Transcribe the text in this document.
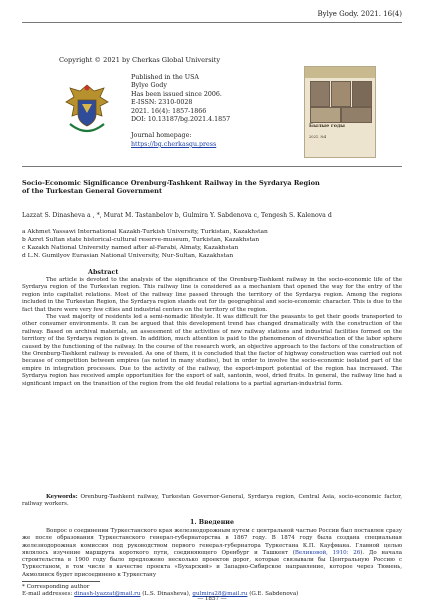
Bylye Gody. 2021. 16(4)
Copyright © 2021 by Cherkas Global University
Published in the USA
Bylye Gody
Has been issued since 2006.
E-ISSN: 2310-0028
2021. 16(4): 1857-1866
DOI: 10.13187/bg.2021.4.1857
Journal homepage:
https://bg.cherkasgu.press
Былые годы
2021. №4
Socio-Economic Significance Orenburg-Tashkent Railway in the Syrdarya Region
of the Turkestan General Government
Lazzat S. Dinasheva a , *, Murat M. Tastanbelov b, Gulmira Y. Sabdenova c, Tengesh S. Kalenova d
a Akhmet Yassawi International Kazakh-Turkish University, Turkistan, Kazakhstan
b Azret Sultan state historical-cultural reserve-museum, Turkistan, Kazakhstan
c Kazakh National University named after al-Farabi, Almaty, Kazakhstan
d L.N. Gumilyov Eurasian National University, Nur-Sultan, Kazakhstan
Abstract

The article is devoted to the analysis of the significance of the Orenburg-Tashkent railway in the socio-economic life of the Syrdarya region of the Turkestan region. This railway line is considered as a mechanism that opened the way for the entry of the region into capitalist relations. Most of the railway line passed through the territory of the Syrdarya region. Among the regions included in the Turkestan Region, the Syrdarya region stands out for its geographical and socio-economic character. This is due to the fact that there were very few cities and industrial centers on the territory of the region.

The vast majority of residents led a semi-nomadic lifestyle. It was difficult for the peasants to get their goods transported to other consumer environments. It can be argued that this development trend has changed dramatically with the construction of the railway. Based on archival materials, an assessment of the activities of new railway stations and industrial facilities formed on the territory of the Syrdarya region is given. In addition, much attention is paid to the phenomenon of diversification of the labor sphere caused by the functioning of the railway. In the course of the research work, an objective approach to the factors of the construction of the Orenburg-Tashkent railway is revealed. As one of them, it is concluded that the factor of highway construction was carried out not because of competition between empires (as noted in many studies), but in order to involve the socio-economic isolated part of the empire in integration processes. Due to the activity of the railway, the export-import potential of the region has increased. The Syrdarya region has received ample opportunities for the export of salt, santonin, wool, dried fruits. In general, the railway line had a significant impact on the transition of the region from the old feudal relations to a partial agrarian-industrial form.

Keywords: Orenburg-Tashkent railway, Turkestan Governor-General, Syrdarya region, Central Asia, socio-economic factor, railway workers.
1. Введение
Вопрос о соединении Туркестанского края железнодорожным путем с центральной частью России был поставлен сразу же после образования Туркестанского генерал-губернаторства в 1867 году. В 1874 году была создана специальная железнодорожная комиссия под руководством первого генерал-губернатора Туркестана К.П. Кауфмана. Главной целью являлось изучение маршрута короткого пути, соединяющего Оренбург и Ташкент (Великовой, 1910: 26). До начала строительства в 1900 году было предложено несколько проектов дорог, которые связывали бы Центральную Россию с Туркестаном, в том числе в качестве проекта «Бухарский» и Западно-Сибирское направление, которое через Тюмень, Акмолинск будет присоединено к Туркестану
* Corresponding author
E-mail addresses: dinash-lyazzat@mail.ru (L.S. Dinasheva), gulmira28@mail.ru (G.E. Sabdenova)
― 1857 ―
